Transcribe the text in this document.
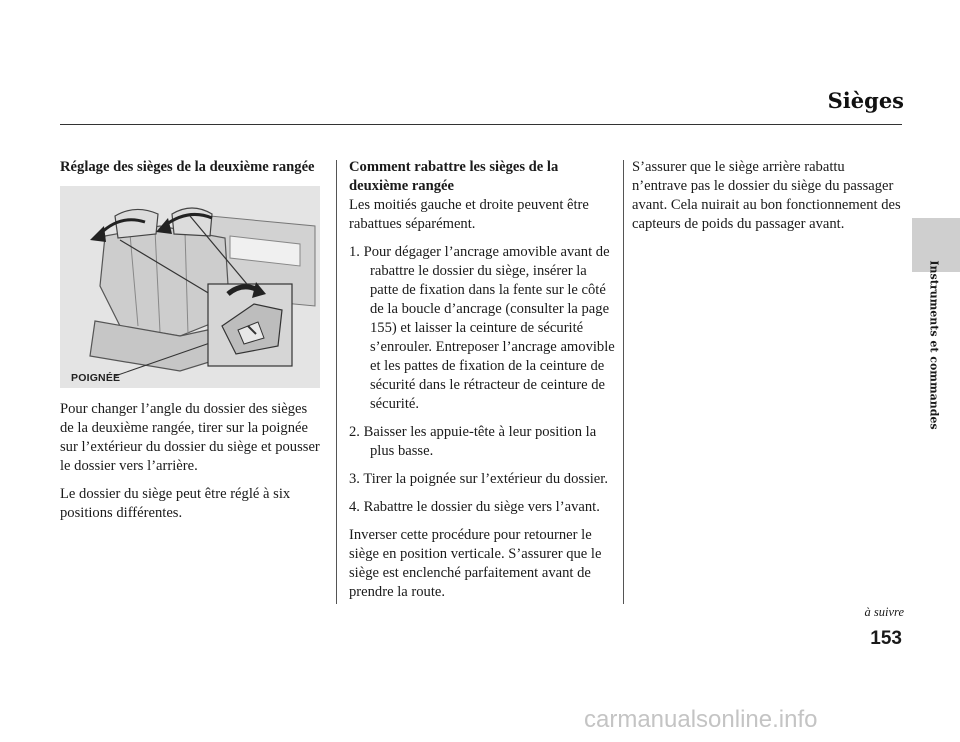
Sièges
Instruments et commandes

Réglage des sièges de la deuxième rangée

POIGNÉE

Pour changer l’angle du dossier des sièges de la deuxième rangée, tirer sur la poignée sur l’extérieur du dossier du siège et pousser le dossier vers l’arrière.

Le dossier du siège peut être réglé à six positions différentes.

Comment rabattre les sièges de la deuxième rangée

Les moitiés gauche et droite peuvent être rabattues séparément.

1. Pour dégager l’ancrage amovible avant de rabattre le dossier du siège, insérer la patte de fixation dans la fente sur le côté de la boucle d’ancrage (consulter la page 155) et laisser la ceinture de sécurité s’enrouler. Entreposer l’ancrage amovible et les pattes de fixation de la ceinture de sécurité dans le rétracteur de ceinture de sécurité.

2. Baisser les appuie-tête à leur position la plus basse.

3. Tirer la poignée sur l’extérieur du dossier.

4. Rabattre le dossier du siège vers l’avant.

Inverser cette procédure pour retourner le siège en position verticale. S’assurer que le siège est enclenché parfaitement avant de prendre la route.

S’assurer que le siège arrière rabattu n’entrave pas le dossier du siège du passager avant. Cela nuirait au bon fonctionnement des capteurs de poids du passager avant.

à suivre
153
carmanualsonline.info
